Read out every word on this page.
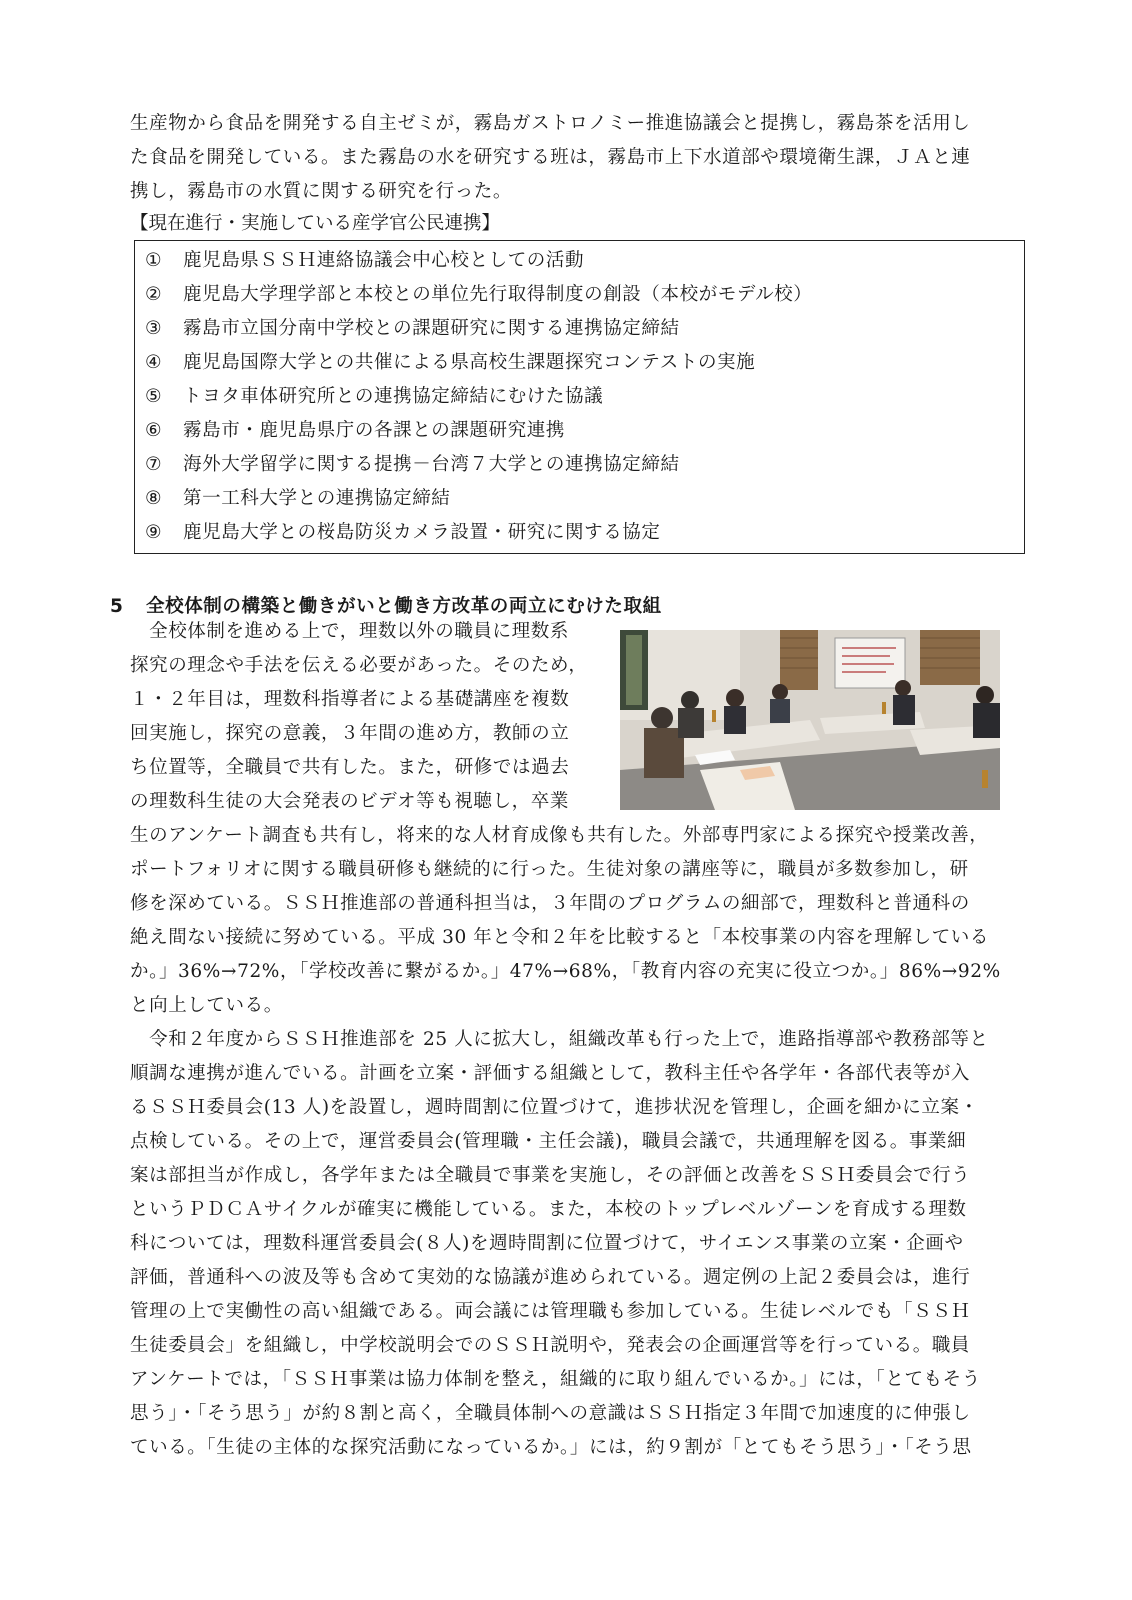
生産物から食品を開発する自主ゼミが，霧島ガストロノミー推進協議会と提携し，霧島茶を活用し
た食品を開発している。また霧島の水を研究する班は，霧島市上下水道部や環境衛生課，ＪＡと連
携し，霧島市の水質に関する研究を行った。
【現在進行・実施している産学官公民連携】
① 鹿児島県ＳＳＨ連絡協議会中心校としての活動
② 鹿児島大学理学部と本校との単位先行取得制度の創設（本校がモデル校）
③ 霧島市立国分南中学校との課題研究に関する連携協定締結
④ 鹿児島国際大学との共催による県高校生課題探究コンテストの実施
⑤ トヨタ車体研究所との連携協定締結にむけた協議
⑥ 霧島市・鹿児島県庁の各課との課題研究連携
⑦ 海外大学留学に関する提携－台湾７大学との連携協定締結
⑧ 第一工科大学との連携協定締結
⑨ 鹿児島大学との桜島防災カメラ設置・研究に関する協定
5 全校体制の構築と働きがいと働き方改革の両立にむけた取組
　全校体制を進める上で，理数以外の職員に理数系
探究の理念や手法を伝える必要があった。そのため，
１・２年目は，理数科指導者による基礎講座を複数
回実施し，探究の意義，３年間の進め方，教師の立
ち位置等，全職員で共有した。また，研修では過去
の理数科生徒の大会発表のビデオ等も視聴し，卒業
生のアンケート調査も共有し，将来的な人材育成像も共有した。外部専門家による探究や授業改善，
ポートフォリオに関する職員研修も継続的に行った。生徒対象の講座等に，職員が多数参加し，研
修を深めている。ＳＳＨ推進部の普通科担当は，３年間のプログラムの細部で，理数科と普通科の
絶え間ない接続に努めている。平成 30 年と令和２年を比較すると「本校事業の内容を理解している
か。」36%→72%，「学校改善に繋がるか。」47%→68%，「教育内容の充実に役立つか。」86%→92%
と向上している。
　令和２年度からＳＳＨ推進部を 25 人に拡大し，組織改革も行った上で，進路指導部や教務部等と
順調な連携が進んでいる。計画を立案・評価する組織として，教科主任や各学年・各部代表等が入
るＳＳＨ委員会(13 人)を設置し，週時間割に位置づけて，進捗状況を管理し，企画を細かに立案・
点検している。その上で，運営委員会(管理職・主任会議)，職員会議で，共通理解を図る。事業細
案は部担当が作成し，各学年または全職員で事業を実施し，その評価と改善をＳＳＨ委員会で行う
というＰＤＣＡサイクルが確実に機能している。また，本校のトップレベルゾーンを育成する理数
科については，理数科運営委員会(８人)を週時間割に位置づけて，サイエンス事業の立案・企画や
評価，普通科への波及等も含めて実効的な協議が進められている。週定例の上記２委員会は，進行
管理の上で実働性の高い組織である。両会議には管理職も参加している。生徒レベルでも「ＳＳＨ
生徒委員会」を組織し，中学校説明会でのＳＳＨ説明や，発表会の企画運営等を行っている。職員
アンケートでは，「ＳＳＨ事業は協力体制を整え，組織的に取り組んでいるか。」には，「とてもそう
思う」・「そう思う」が約８割と高く，全職員体制への意識はＳＳＨ指定３年間で加速度的に伸張し
ている。「生徒の主体的な探究活動になっているか。」には，約９割が「とてもそう思う」・「そう思
